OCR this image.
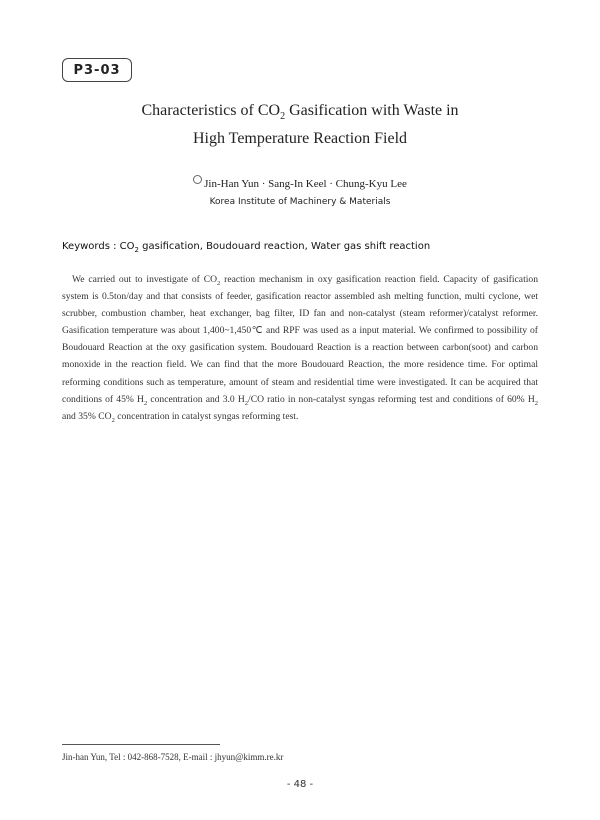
P3-03
Characteristics of $CO_2$ Gasification with Waste in
High Temperature Reaction Field
Jin-Han Yun · Sang-In Keel · Chung-Kyu Lee
Korea Institute of Machinery & Materials
Keywords : $CO_2$ gasification, Boudouard reaction, Water gas shift reaction

We carried out to investigate of $CO_2$ reaction mechanism in oxy gasification reaction field. Capacity of gasification system is 0.5ton/day and that consists of feeder, gasification reactor assembled ash melting function, multi cyclone, wet scrubber, combustion chamber, heat exchanger, bag filter, ID fan and non-catalyst (steam reformer)/catalyst reformer. Gasification temperature was about 1,400~1,450℃ and RPF was used as a input material. We confirmed to possibility of Boudouard Reaction at the oxy gasification system. Boudouard Reaction is a reaction between carbon(soot) and carbon monoxide in the reaction field. We can find that the more Boudouard Reaction, the more residence time. For optimal reforming conditions such as temperature, amount of steam and residential time were investigated. It can be acquired that conditions of 45% $H_2$ concentration and 3.0 $H_2/CO$ ratio in non-catalyst syngas reforming test and conditions of 60% $H_2$ and 35% $CO_2$ concentration in catalyst syngas reforming test.

Jin-han Yun, Tel : 042-868-7528, E-mail : jhyun@kimm.re.kr
- 48 -
